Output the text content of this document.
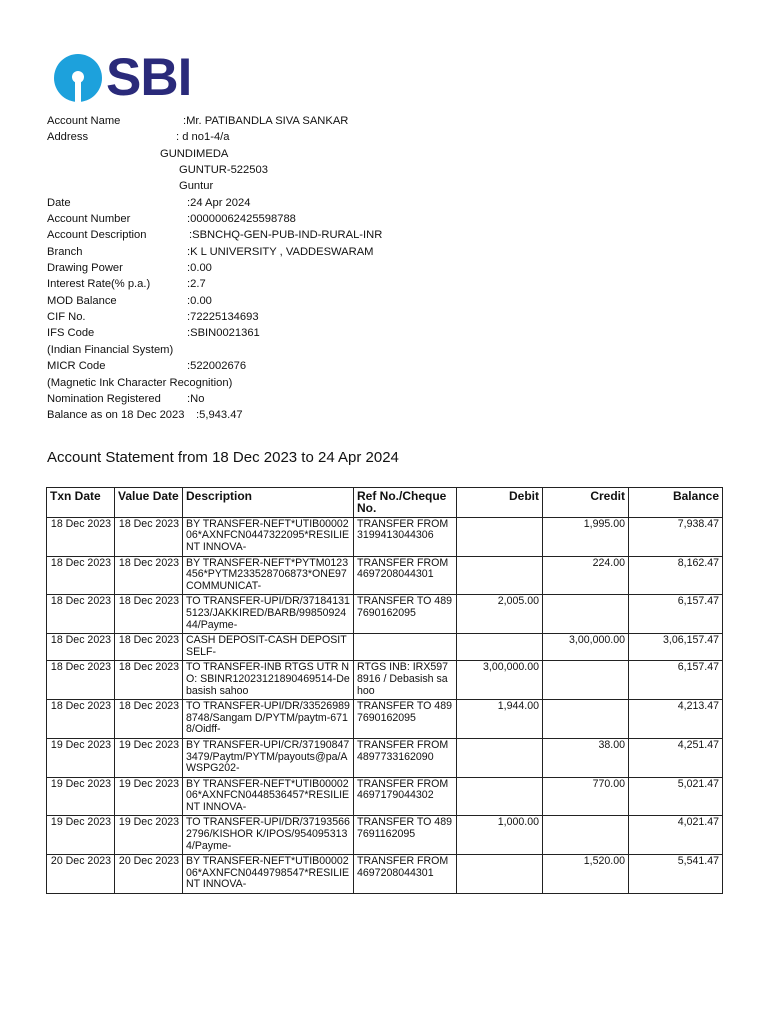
SBI
Account Name	:Mr. PATIBANDLA SIVA SANKAR
Address	: d no1-4/a
GUNDIMEDA
GUNTUR-522503
Guntur
Date	:24 Apr 2024
Account Number	:00000062425598788
Account Description	:SBNCHQ-GEN-PUB-IND-RURAL-INR
Branch	:K L UNIVERSITY , VADDESWARAM
Drawing Power	:0.00
Interest Rate(% p.a.)	:2.7
MOD Balance	:0.00
CIF No.	:72225134693
IFS Code	:SBIN0021361
(Indian Financial System)
MICR Code	:522002676
(Magnetic Ink Character Recognition)
Nomination Registered :No
Balance as on 18 Dec 2023 :5,943.47
Account Statement from 18 Dec 2023 to 24 Apr 2024
Txn Date	Value Date	Description	Ref No./Cheque No.	Debit	Credit	Balance
18 Dec 2023	18 Dec 2023	BY TRANSFER-NEFT*UTIB0000206*AXNFCN0447322095*RESILIENT INNOVA-	TRANSFER FROM 3199413044306		1,995.00	7,938.47
18 Dec 2023	18 Dec 2023	BY TRANSFER-NEFT*PYTM0123456*PYTM233528706873*ONE97 COMMUNICAT-	TRANSFER FROM 4697208044301		224.00	8,162.47
18 Dec 2023	18 Dec 2023	TO TRANSFER-UPI/DR/371841315123/JAKKIRED/BARB/9985092444/Payme-	TRANSFER TO 4897690162095	2,005.00		6,157.47
18 Dec 2023	18 Dec 2023	CASH DEPOSIT-CASH DEPOSIT SELF-			3,00,000.00	3,06,157.47
18 Dec 2023	18 Dec 2023	TO TRANSFER-INB RTGS UTR NO: SBINR12023121890469514-Debasish sahoo	RTGS INB: IRX5978916 / Debasish sahoo	3,00,000.00		6,157.47
18 Dec 2023	18 Dec 2023	TO TRANSFER-UPI/DR/335269898748/Sangam D/PYTM/paytm-6718/Oidff-	TRANSFER TO 4897690162095	1,944.00		4,213.47
19 Dec 2023	19 Dec 2023	BY TRANSFER-UPI/CR/371908473479/Paytm/PYTM/payouts@pa/AWSPG202-	TRANSFER FROM 4897733162090		38.00	4,251.47
19 Dec 2023	19 Dec 2023	BY TRANSFER-NEFT*UTIB0000206*AXNFCN0448536457*RESILIENT INNOVA-	TRANSFER FROM 4697179044302		770.00	5,021.47
19 Dec 2023	19 Dec 2023	TO TRANSFER-UPI/DR/371935662796/KISHOR K/IPOS/9540953134/Payme-	TRANSFER TO 4897691162095	1,000.00		4,021.47
20 Dec 2023	20 Dec 2023	BY TRANSFER-NEFT*UTIB0000206*AXNFCN0449798547*RESILIENT INNOVA-	TRANSFER FROM 4697208044301		1,520.00	5,541.47
